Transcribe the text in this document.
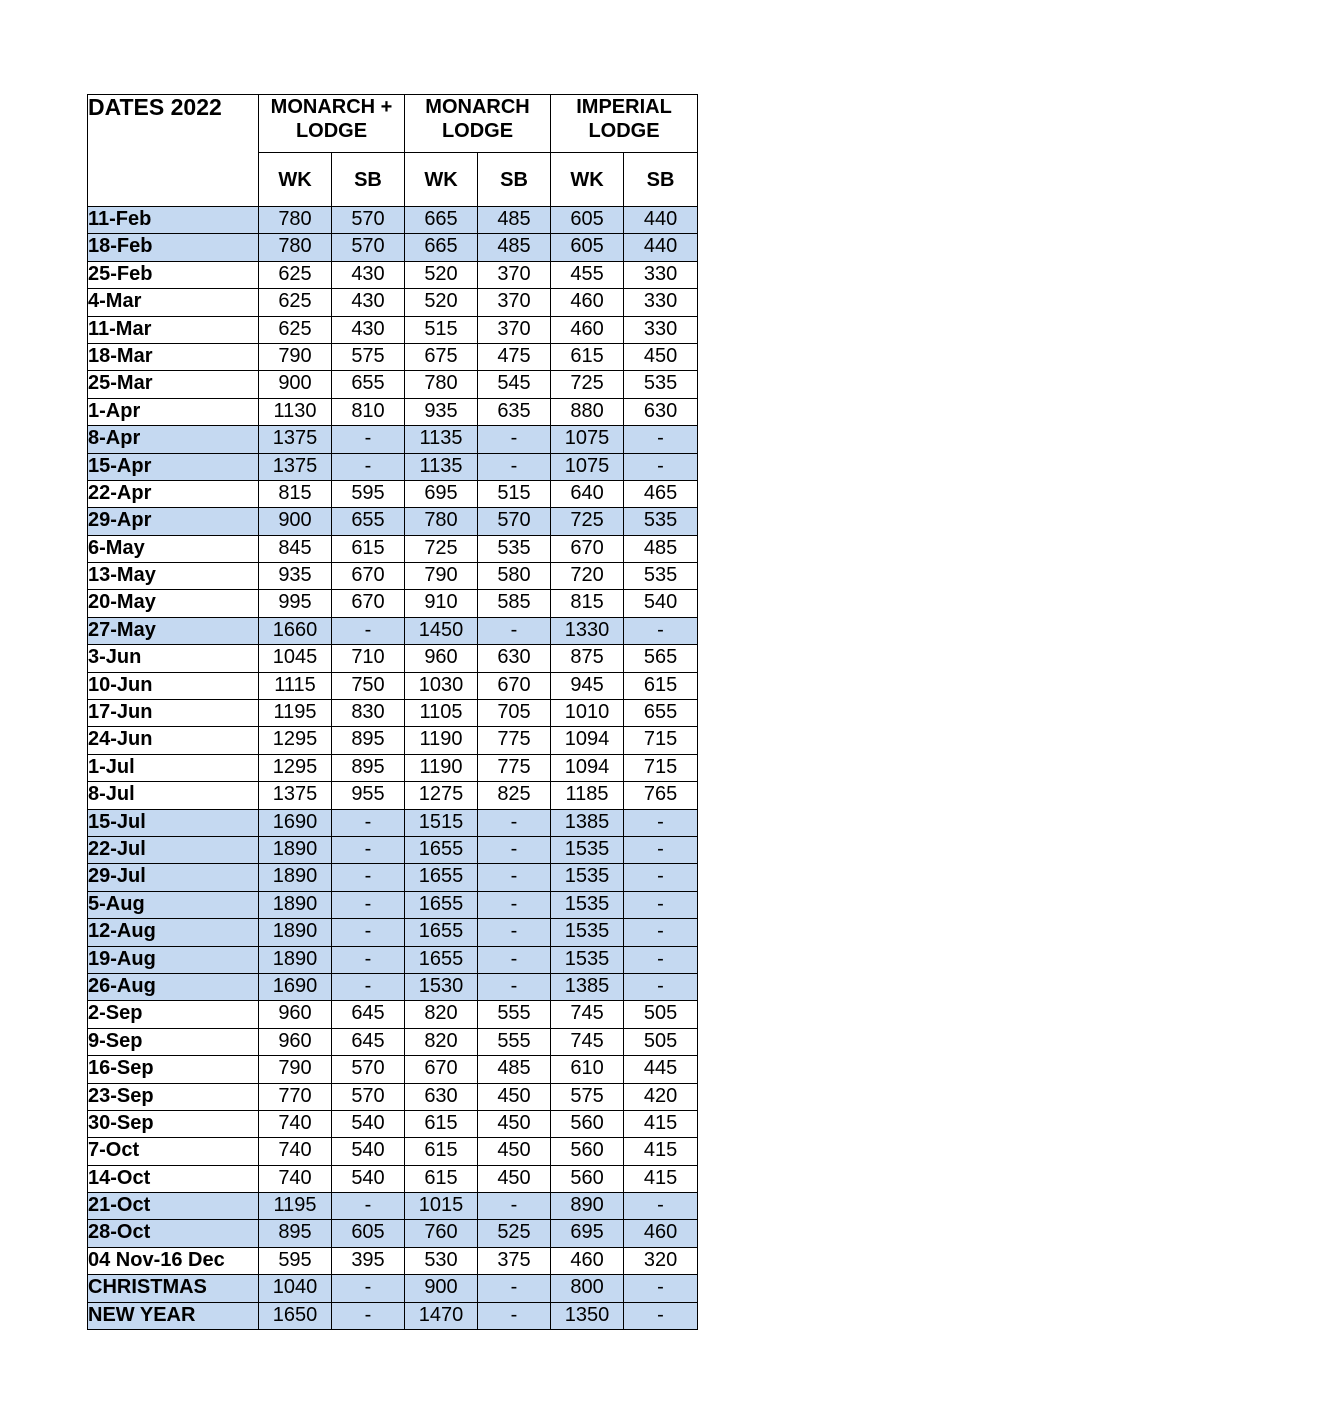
DATES 2022	MONARCH + LODGE		MONARCH LODGE		IMPERIAL LODGE	
	WK	SB	WK	SB	WK	SB
11-Feb	780	570	665	485	605	440
18-Feb	780	570	665	485	605	440
25-Feb	625	430	520	370	455	330
4-Mar	625	430	520	370	460	330
11-Mar	625	430	515	370	460	330
18-Mar	790	575	675	475	615	450
25-Mar	900	655	780	545	725	535
1-Apr	1130	810	935	635	880	630
8-Apr	1375	-	1135	-	1075	-
15-Apr	1375	-	1135	-	1075	-
22-Apr	815	595	695	515	640	465
29-Apr	900	655	780	570	725	535
6-May	845	615	725	535	670	485
13-May	935	670	790	580	720	535
20-May	995	670	910	585	815	540
27-May	1660	-	1450	-	1330	-
3-Jun	1045	710	960	630	875	565
10-Jun	1115	750	1030	670	945	615
17-Jun	1195	830	1105	705	1010	655
24-Jun	1295	895	1190	775	1094	715
1-Jul	1295	895	1190	775	1094	715
8-Jul	1375	955	1275	825	1185	765
15-Jul	1690	-	1515	-	1385	-
22-Jul	1890	-	1655	-	1535	-
29-Jul	1890	-	1655	-	1535	-
5-Aug	1890	-	1655	-	1535	-
12-Aug	1890	-	1655	-	1535	-
19-Aug	1890	-	1655	-	1535	-
26-Aug	1690	-	1530	-	1385	-
2-Sep	960	645	820	555	745	505
9-Sep	960	645	820	555	745	505
16-Sep	790	570	670	485	610	445
23-Sep	770	570	630	450	575	420
30-Sep	740	540	615	450	560	415
7-Oct	740	540	615	450	560	415
14-Oct	740	540	615	450	560	415
21-Oct	1195	-	1015	-	890	-
28-Oct	895	605	760	525	695	460
04 Nov-16 Dec	595	395	530	375	460	320
CHRISTMAS	1040	-	900	-	800	-
NEW YEAR	1650	-	1470	-	1350	-
